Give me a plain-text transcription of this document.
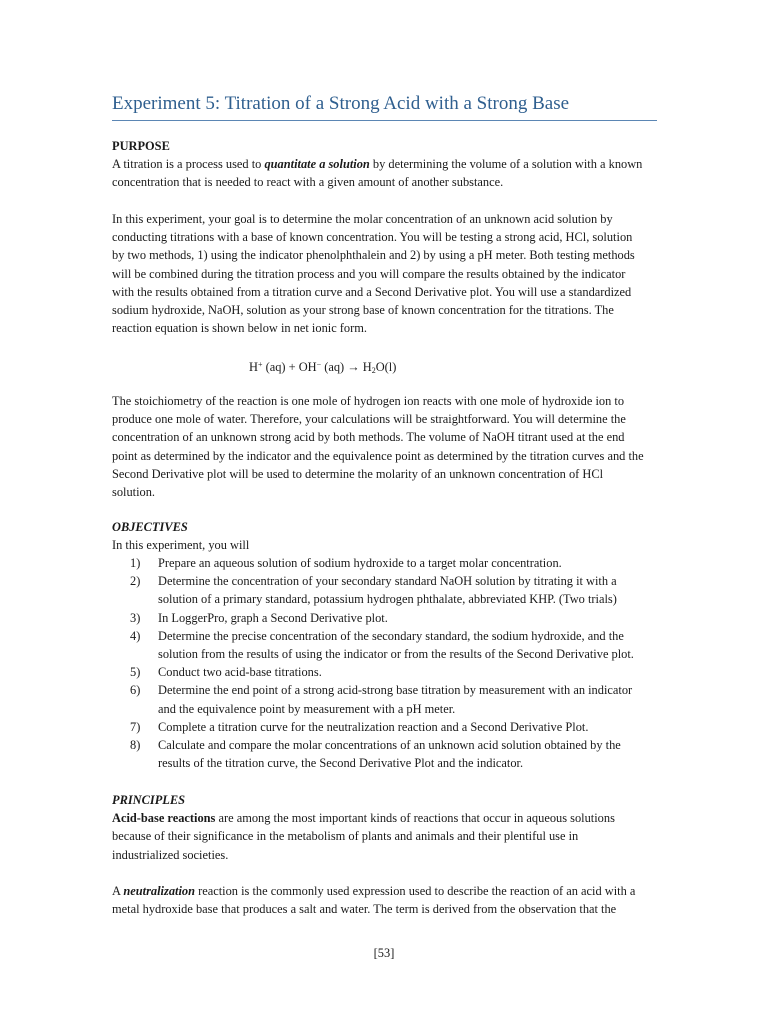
Experiment 5: Titration of a Strong Acid with a Strong Base
PURPOSE
A titration is a process used to quantitate a solution by determining the volume of a solution with a known
concentration that is needed to react with a given amount of another substance.
In this experiment, your goal is to determine the molar concentration of an unknown acid solution by
conducting titrations with a base of known concentration. You will be testing a strong acid, HCl, solution
by two methods, 1) using the indicator phenolphthalein and 2) by using a pH meter. Both testing methods
will be combined during the titration process and you will compare the results obtained by the indicator
with the results obtained from a titration curve and a Second Derivative plot. You will use a standardized
sodium hydroxide, NaOH, solution as your strong base of known concentration for the titrations. The
reaction equation is shown below in net ionic form.
H+ (aq) + OH− $(aq) \to H_2O(l)$
The stoichiometry of the reaction is one mole of hydrogen ion reacts with one mole of hydroxide ion to
produce one mole of water. Therefore, your calculations will be straightforward. You will determine the
concentration of an unknown strong acid by both methods. The volume of NaOH titrant used at the end
point as determined by the indicator and the equivalence point as determined by the titration curves and the
Second Derivative plot will be used to determine the molarity of an unknown concentration of HCl
solution.
OBJECTIVES
In this experiment, you will
1) Prepare an aqueous solution of sodium hydroxide to a target molar concentration.
2) Determine the concentration of your secondary standard NaOH solution by titrating it with a
solution of a primary standard, potassium hydrogen phthalate, abbreviated KHP. (Two trials)
3) In LoggerPro, graph a Second Derivative plot.
4) Determine the precise concentration of the secondary standard, the sodium hydroxide, and the
solution from the results of using the indicator or from the results of the Second Derivative plot.
5) Conduct two acid-base titrations.
6) Determine the end point of a strong acid-strong base titration by measurement with an indicator
and the equivalence point by measurement with a pH meter.
7) Complete a titration curve for the neutralization reaction and a Second Derivative Plot.
8) Calculate and compare the molar concentrations of an unknown acid solution obtained by the
results of the titration curve, the Second Derivative Plot and the indicator.
PRINCIPLES
Acid-base reactions are among the most important kinds of reactions that occur in aqueous solutions
because of their significance in the metabolism of plants and animals and their plentiful use in
industrialized societies.
A neutralization reaction is the commonly used expression used to describe the reaction of an acid with a
metal hydroxide base that produces a salt and water. The term is derived from the observation that the
[53]
